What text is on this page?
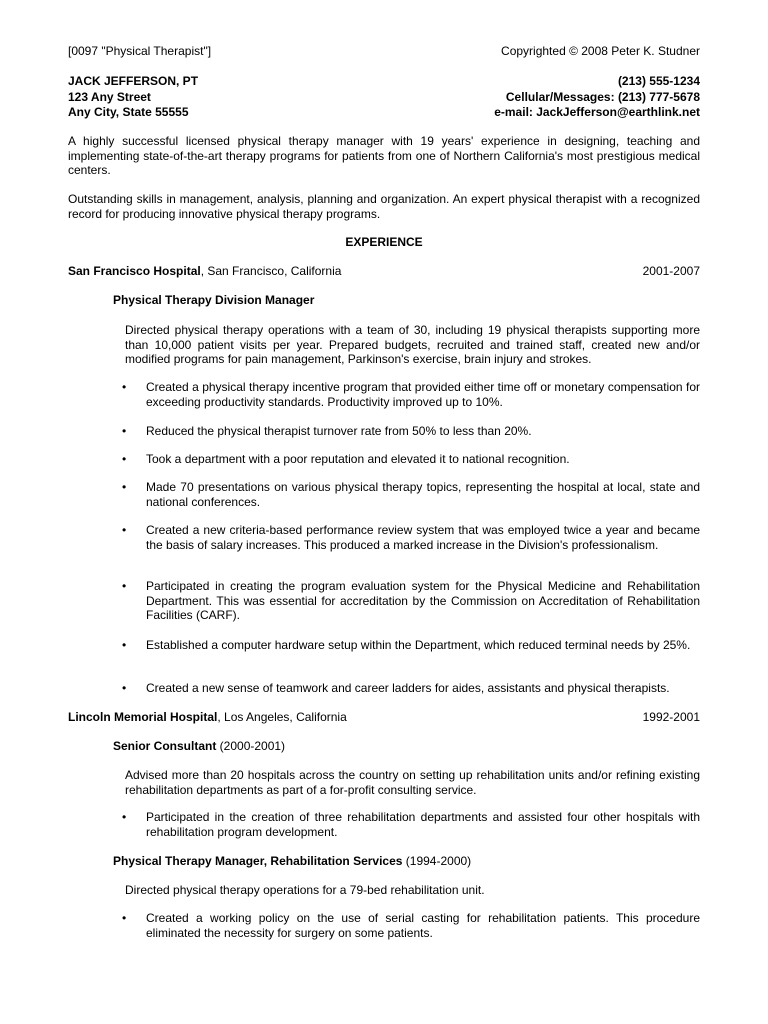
[0097 "Physical Therapist"]	Copyrighted © 2008 Peter K. Studner
JACK JEFFERSON, PT	(213) 555-1234
123 Any Street	Cellular/Messages: (213) 777-5678
Any City, State 55555	e-mail: JackJefferson@earthlink.net
A highly successful licensed physical therapy manager with 19 years' experience in designing, teaching and implementing state-of-the-art therapy programs for patients from one of Northern California's most prestigious medical centers.
Outstanding skills in management, analysis, planning and organization. An expert physical therapist with a recognized record for producing innovative physical therapy programs.
EXPERIENCE
San Francisco Hospital, San Francisco, California	2001-2007
Physical Therapy Division Manager
Directed physical therapy operations with a team of 30, including 19 physical therapists supporting more than 10,000 patient visits per year. Prepared budgets, recruited and trained staff, created new and/or modified programs for pain management, Parkinson's exercise, brain injury and strokes.
•	Created a physical therapy incentive program that provided either time off or monetary compensation for exceeding productivity standards. Productivity improved up to 10%.
•	Reduced the physical therapist turnover rate from 50% to less than 20%.
•	Took a department with a poor reputation and elevated it to national recognition.
•	Made 70 presentations on various physical therapy topics, representing the hospital at local, state and national conferences.
•	Created a new criteria-based performance review system that was employed twice a year and became the basis of salary increases. This produced a marked increase in the Division's professionalism.
•	Participated in creating the program evaluation system for the Physical Medicine and Rehabilitation Department. This was essential for accreditation by the Commission on Accreditation of Rehabilitation Facilities (CARF).
•	Established a computer hardware setup within the Department, which reduced terminal needs by 25%.
•	Created a new sense of teamwork and career ladders for aides, assistants and physical therapists.
Lincoln Memorial Hospital, Los Angeles, California	1992-2001
Senior Consultant (2000-2001)
Advised more than 20 hospitals across the country on setting up rehabilitation units and/or refining existing rehabilitation departments as part of a for-profit consulting service.
•	Participated in the creation of three rehabilitation departments and assisted four other hospitals with rehabilitation program development.
Physical Therapy Manager, Rehabilitation Services (1994-2000)
Directed physical therapy operations for a 79-bed rehabilitation unit.
•	Created a working policy on the use of serial casting for rehabilitation patients. This procedure eliminated the necessity for surgery on some patients.
